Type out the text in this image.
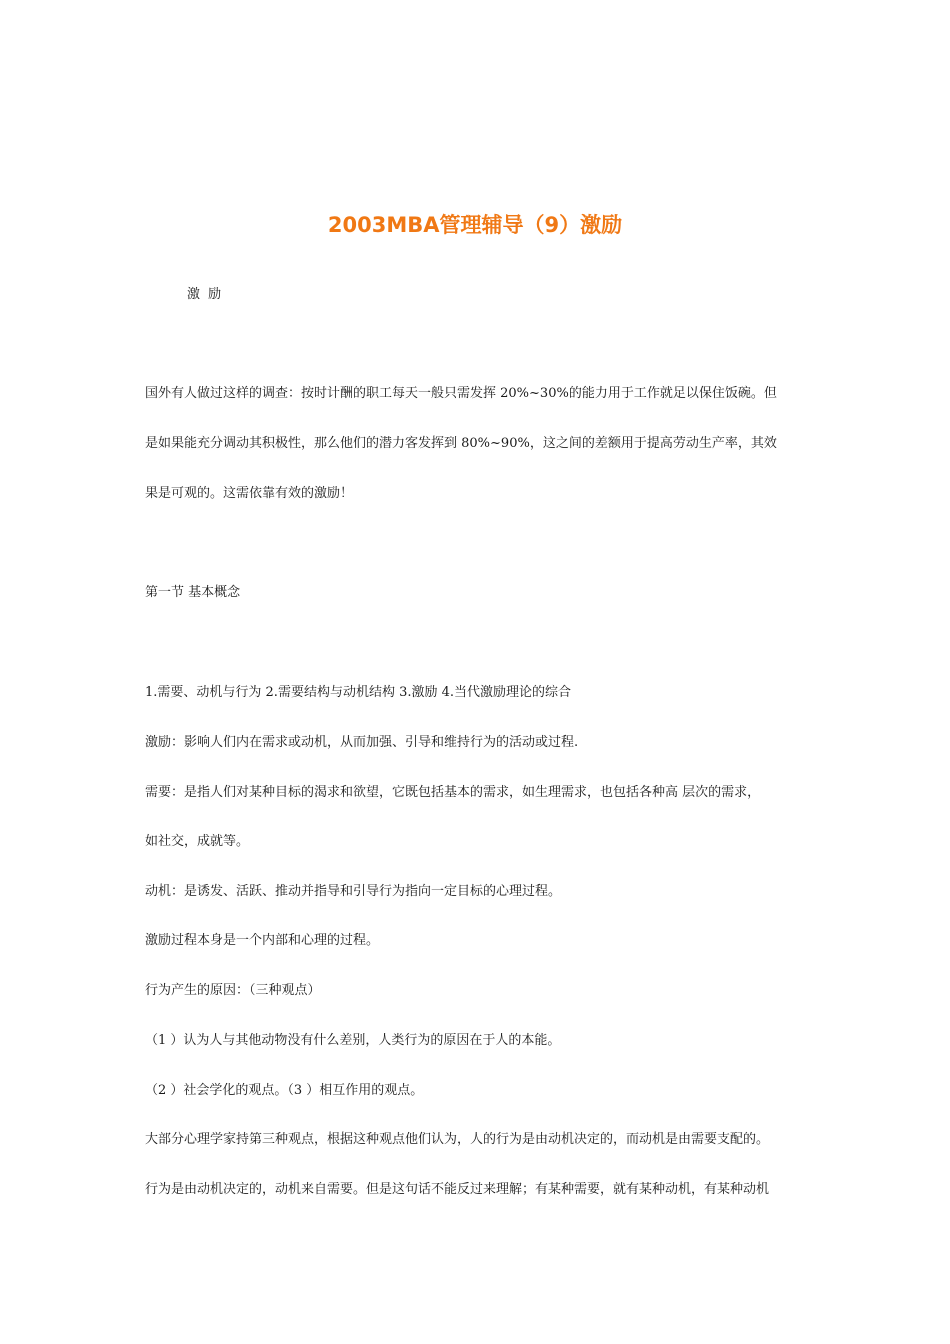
2003MBA管理辅导（9）激励
激 励
国外有人做过这样的调查：按时计酬的职工每天一般只需发挥 20%~30%的能力用于工作就足以保住饭碗。但
是如果能充分调动其积极性，那么他们的潜力客发挥到 80%~90%，这之间的差额用于提高劳动生产率，其效
果是可观的。这需依靠有效的激励！
第一节 基本概念
1.需要、动机与行为 2.需要结构与动机结构 3.激励 4.当代激励理论的综合
激励：影响人们内在需求或动机，从而加强、引导和维持行为的活动或过程.
需要：是指人们对某种目标的渴求和欲望，它既包括基本的需求，如生理需求，也包括各种高 层次的需求，
如社交，成就等。
动机：是诱发、活跃、推动并指导和引导行为指向一定目标的心理过程。
激励过程本身是一个内部和心理的过程。
行为产生的原因：（三种观点）
（1 ）认为人与其他动物没有什么差别，人类行为的原因在于人的本能。
（2 ）社会学化的观点。（3 ）相互作用的观点。
大部分心理学家持第三种观点，根据这种观点他们认为，人的行为是由动机决定的，而动机是由需要支配的。
行为是由动机决定的，动机来自需要。但是这句话不能反过来理解；有某种需要，就有某种动机，有某种动机
